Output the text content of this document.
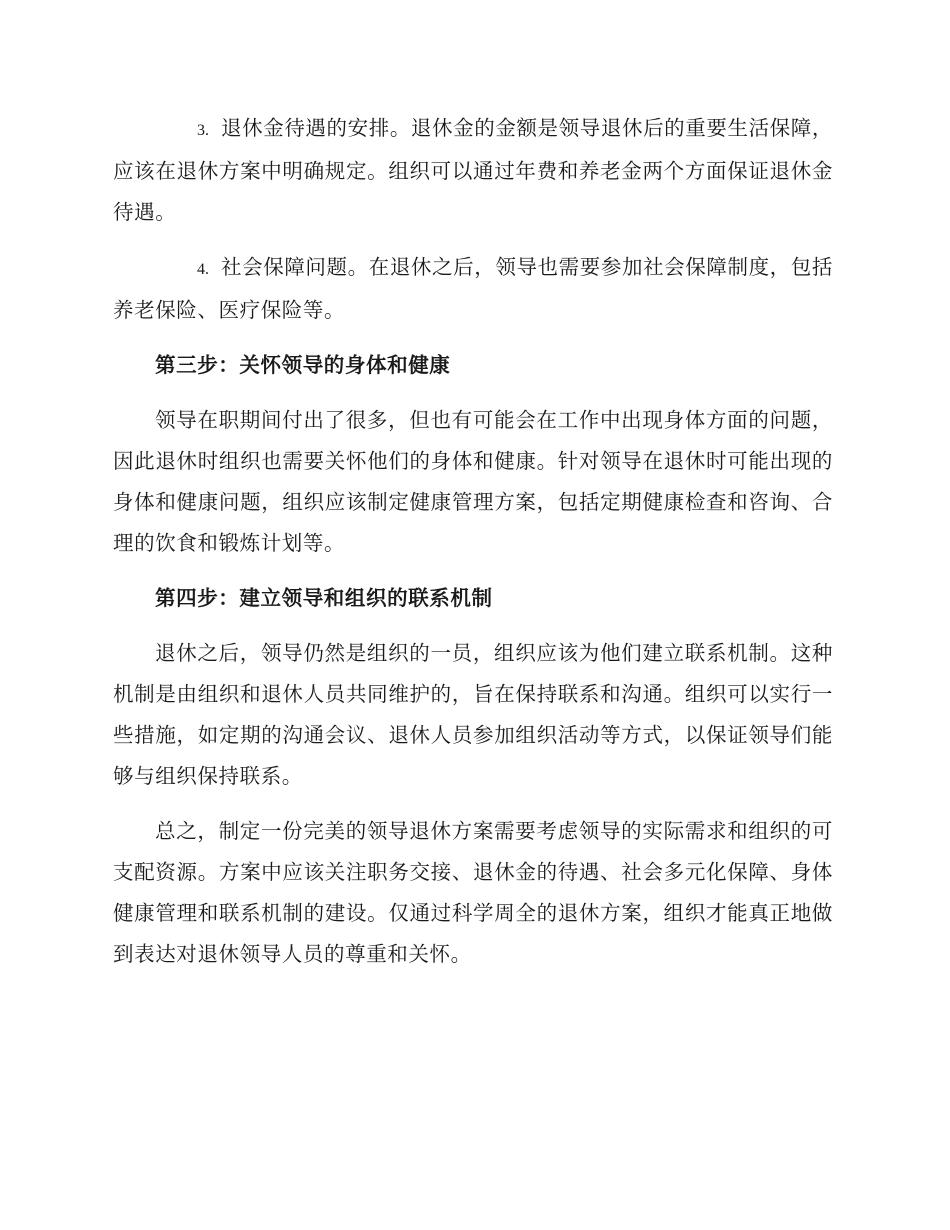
3. 退休金待遇的安排。退休金的金额是领导退休后的重要生活保障，应该在退休方案中明确规定。组织可以通过年费和养老金两个方面保证退休金待遇。

4. 社会保障问题。在退休之后，领导也需要参加社会保障制度，包括养老保险、医疗保险等。

第三步：关怀领导的身体和健康

领导在职期间付出了很多，但也有可能会在工作中出现身体方面的问题，因此退休时组织也需要关怀他们的身体和健康。针对领导在退休时可能出现的身体和健康问题，组织应该制定健康管理方案，包括定期健康检查和咨询、合理的饮食和锻炼计划等。

第四步：建立领导和组织的联系机制

退休之后，领导仍然是组织的一员，组织应该为他们建立联系机制。这种机制是由组织和退休人员共同维护的，旨在保持联系和沟通。组织可以实行一些措施，如定期的沟通会议、退休人员参加组织活动等方式，以保证领导们能够与组织保持联系。

总之，制定一份完美的领导退休方案需要考虑领导的实际需求和组织的可支配资源。方案中应该关注职务交接、退休金的待遇、社会多元化保障、身体健康管理和联系机制的建设。仅通过科学周全的退休方案，组织才能真正地做到表达对退休领导人员的尊重和关怀。
